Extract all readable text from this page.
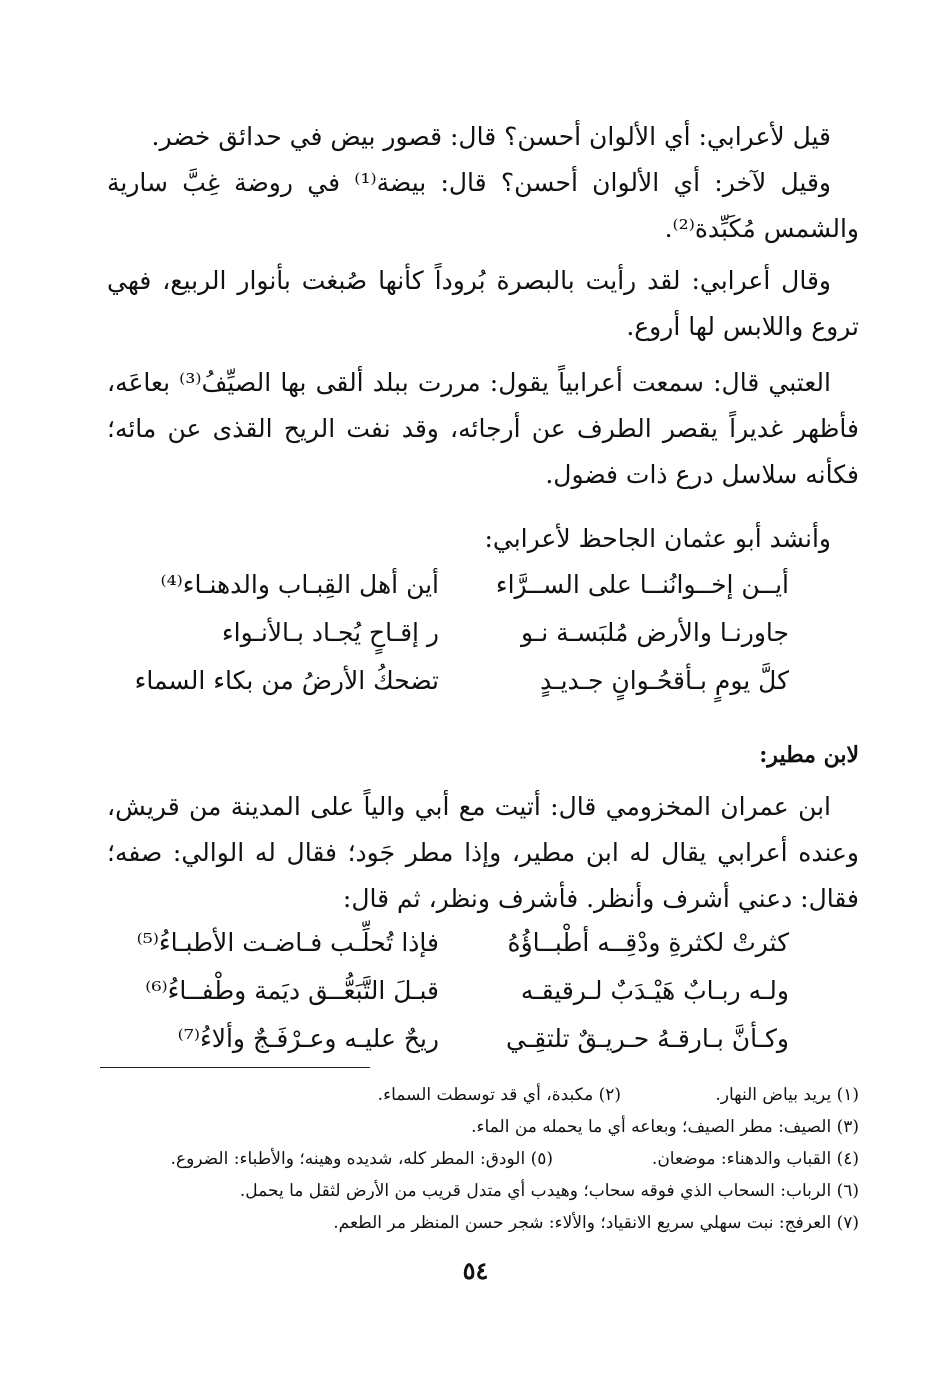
قيل لأعرابي: أي الألوان أحسن؟ قال: قصور بيض في حدائق خضر.

وقيل لآخر: أي الألوان أحسن؟ قال: بيضة⁽¹⁾ في روضة غِبَّ سارية والشمس مُكَبِّدة⁽²⁾.

وقال أعرابي: لقد رأيت بالبصرة بُروداً كأنها صُبغت بأنوار الربيع، فهي تروع واللابس لها أروع.

العتبي قال: سمعت أعرابياً يقول: مررت ببلد ألقى بها الصيِّفُ⁽³⁾ بعاعَه، فأظهر غديراً يقصر الطرف عن أرجائه، وقد نفت الريح القذى عن مائه؛ فكأنه سلاسل درع ذات فضول.

وأنشد أبو عثمان الجاحظ لأعرابي:

أيــن إخــوانُنــا على الســرَّاء
أين أهل القِبـاب والدهنـاء⁽⁴⁾
جاورنـا والأرض مُلبَسـة نـو
ر إقـاحٍ يُجـاد بـالأنـواء
كلَّ يومٍ بـأقحُـوانٍ جـديـدٍ
تضحكُ الأرضُ من بكاء السماء
لابن مطير:

ابن عمران المخزومي قال: أتيت مع أبي والياً على المدينة من قريش، وعنده أعرابي يقال له ابن مطير، وإذا مطر جَود؛ فقال له الوالي: صفه؛ فقال: دعني أشرف وأنظر. فأشرف ونظر، ثم قال:

كثرتْ لكثرةِ ودْقِــه أطْبــاؤُهُ
فإذا تُحلِّـب فـاضـت الأطبـاءُ⁽⁵⁾
ولـه ربـابٌ هَيْـدَبٌ لـرقيقـه
قبـلَ التَّبَعُّــق ديَمة وطْفــاءُ⁽⁶⁾
وكـأنَّ بـارقـهُ حـريـقٌ تلتقِـي
ريحٌ عليـه وعـرْفَـجٌ وألاءُ⁽⁷⁾
(١) يريد بياض النهار.
(٢) مكبدة، أي قد توسطت السماء.
(٣) الصيف: مطر الصيف؛ وبعاعه أي ما يحمله من الماء.
(٤) القباب والدهناء: موضعان.
(٥) الودق: المطر كله، شديده وهينه؛ والأطباء: الضروع.
(٦) الرباب: السحاب الذي فوقه سحاب؛ وهيدب أي متدل قريب من الأرض لثقل ما يحمل.
(٧) العرفج: نبت سهلي سريع الانقياد؛ والألاء: شجر حسن المنظر مر الطعم.
٥٤
